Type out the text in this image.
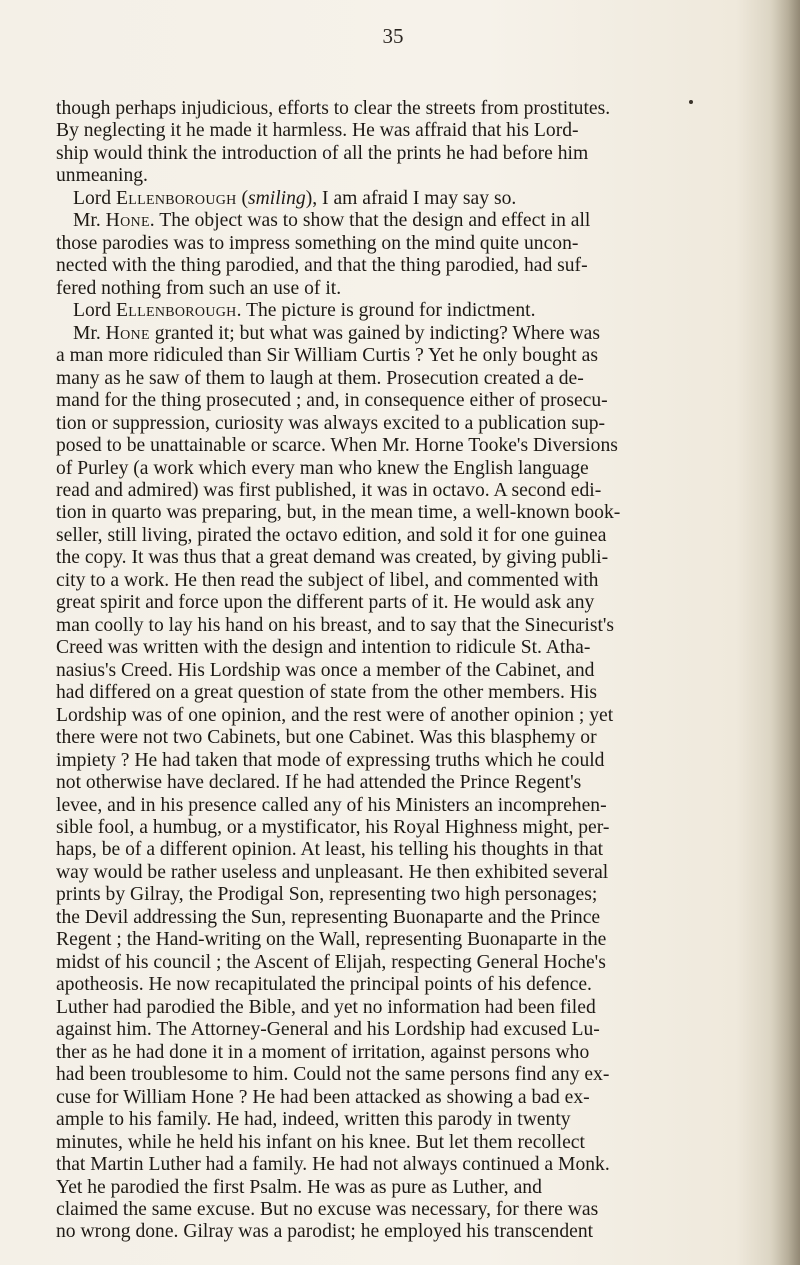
35
though perhaps injudicious, efforts to clear the streets from prostitutes.
By neglecting it he made it harmless. He was affraid that his Lord-
ship would think the introduction of all the prints he had before him
unmeaning.
Lord Ellenborough (smiling), I am afraid I may say so.
Mr. Hone. The object was to show that the design and effect in all
those parodies was to impress something on the mind quite uncon-
nected with the thing parodied, and that the thing parodied, had suf-
fered nothing from such an use of it.
Lord Ellenborough. The picture is ground for indictment.
Mr. Hone granted it; but what was gained by indicting? Where was
a man more ridiculed than Sir William Curtis ? Yet he only bought as
many as he saw of them to laugh at them. Prosecution created a de-
mand for the thing prosecuted ; and, in consequence either of prosecu-
tion or suppression, curiosity was always excited to a publication sup-
posed to be unattainable or scarce. When Mr. Horne Tooke's Diversions
of Purley (a work which every man who knew the English language
read and admired) was first published, it was in octavo. A second edi-
tion in quarto was preparing, but, in the mean time, a well-known book-
seller, still living, pirated the octavo edition, and sold it for one guinea
the copy. It was thus that a great demand was created, by giving publi-
city to a work. He then read the subject of libel, and commented with
great spirit and force upon the different parts of it. He would ask any
man coolly to lay his hand on his breast, and to say that the Sinecurist's
Creed was written with the design and intention to ridicule St. Atha-
nasius's Creed. His Lordship was once a member of the Cabinet, and
had differed on a great question of state from the other members. His
Lordship was of one opinion, and the rest were of another opinion ; yet
there were not two Cabinets, but one Cabinet. Was this blasphemy or
impiety ? He had taken that mode of expressing truths which he could
not otherwise have declared. If he had attended the Prince Regent's
levee, and in his presence called any of his Ministers an incomprehen-
sible fool, a humbug, or a mystificator, his Royal Highness might, per-
haps, be of a different opinion. At least, his telling his thoughts in that
way would be rather useless and unpleasant. He then exhibited several
prints by Gilray, the Prodigal Son, representing two high personages;
the Devil addressing the Sun, representing Buonaparte and the Prince
Regent ; the Hand-writing on the Wall, representing Buonaparte in the
midst of his council ; the Ascent of Elijah, respecting General Hoche's
apotheosis. He now recapitulated the principal points of his defence.
Luther had parodied the Bible, and yet no information had been filed
against him. The Attorney-General and his Lordship had excused Lu-
ther as he had done it in a moment of irritation, against persons who
had been troublesome to him. Could not the same persons find any ex-
cuse for William Hone ? He had been attacked as showing a bad ex-
ample to his family. He had, indeed, written this parody in twenty
minutes, while he held his infant on his knee. But let them recollect
that Martin Luther had a family. He had not always continued a Monk.
Yet he parodied the first Psalm. He was as pure as Luther, and
claimed the same excuse. But no excuse was necessary, for there was
no wrong done. Gilray was a parodist; he employed his transcendent
